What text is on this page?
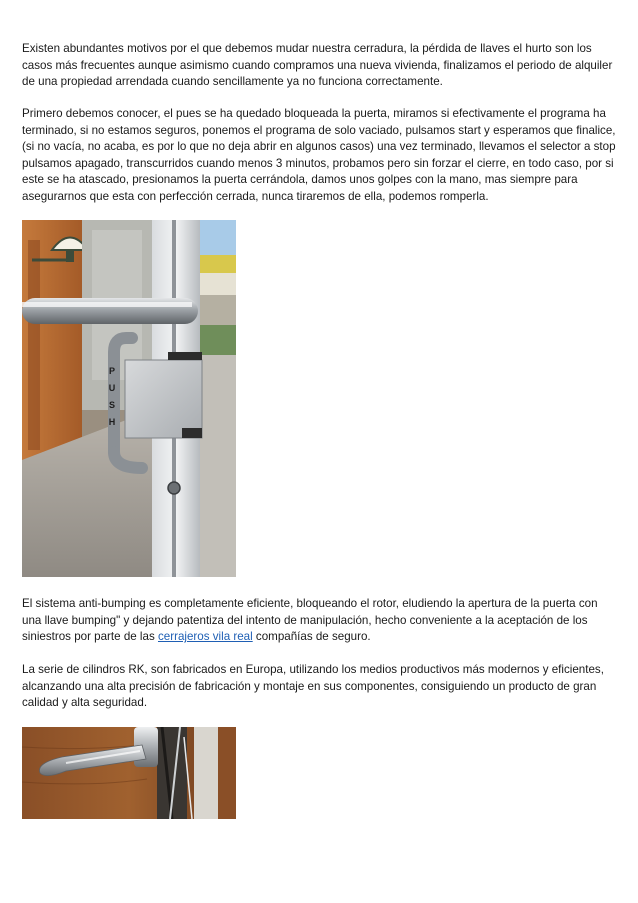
Existen abundantes motivos por el que debemos mudar nuestra cerradura, la pérdida de llaves el hurto son los casos más frecuentes aunque asimismo cuando compramos una nueva vivienda, finalizamos el periodo de alquiler de una propiedad arrendada cuando sencillamente ya no funciona correctamente.

Primero debemos conocer, el pues se ha quedado bloqueada la puerta, miramos si efectivamente el programa ha terminado, si no estamos seguros, ponemos el programa de solo vaciado, pulsamos start y esperamos que finalice, (si no vacía, no acaba, es por lo que no deja abrir en algunos casos) una vez terminado, llevamos el selector a stop pulsamos apagado, transcurridos cuando menos 3 minutos, probamos pero sin forzar el cierre, en todo caso, por si este se ha atascado, presionamos la puerta cerrándola, damos unos golpes con la mano, mas siempre para asegurarnos que esta con perfección cerrada, nunca tiraremos de ella, podemos romperla.

P
U
S
H

El sistema anti-bumping es completamente eficiente, bloqueando el rotor, eludiendo la apertura de la puerta con una llave bumping" y dejando patentiza del intento de manipulación, hecho conveniente a la aceptación de los siniestros por parte de las cerrajeros vila real compañías de seguro.

La serie de cilindros RK, son fabricados en Europa, utilizando los medios productivos más modernos y eficientes, alcanzando una alta precisión de fabricación y montaje en sus componentes, consiguiendo un producto de gran calidad y alta seguridad.
